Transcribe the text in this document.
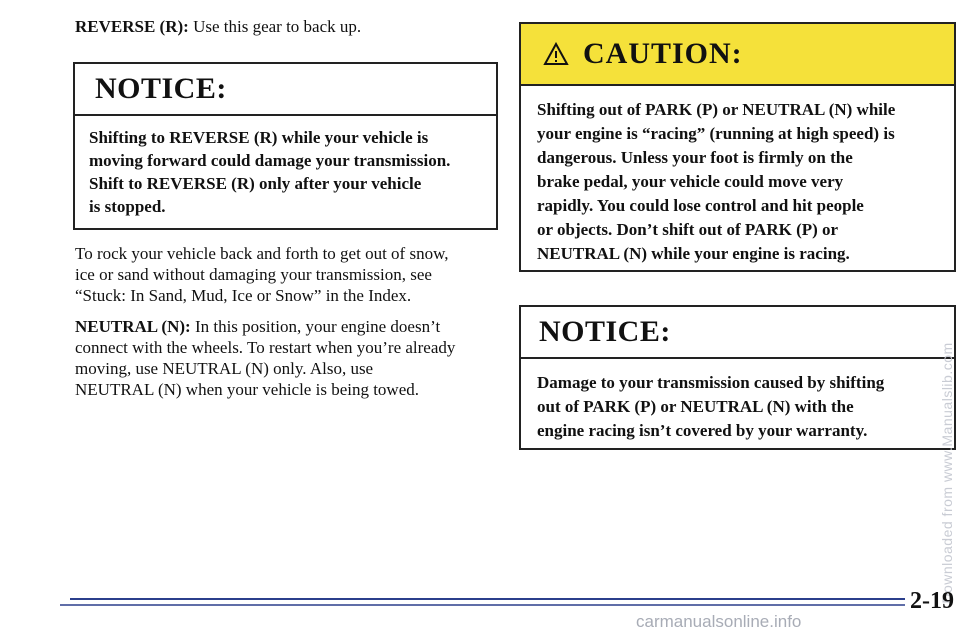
REVERSE (R): Use this gear to back up.
NOTICE:
Shifting to REVERSE (R) while your vehicle is
moving forward could damage your transmission.
Shift to REVERSE (R) only after your vehicle
is stopped.
To rock your vehicle back and forth to get out of snow,
ice or sand without damaging your transmission, see
“Stuck: In Sand, Mud, Ice or Snow” in the Index.
NEUTRAL (N): In this position, your engine doesn’t
connect with the wheels. To restart when you’re already
moving, use NEUTRAL (N) only. Also, use
NEUTRAL (N) when your vehicle is being towed.
CAUTION:
Shifting out of PARK (P) or NEUTRAL (N) while
your engine is “racing” (running at high speed) is
dangerous. Unless your foot is firmly on the
brake pedal, your vehicle could move very
rapidly. You could lose control and hit people
or objects. Don’t shift out of PARK (P) or
NEUTRAL (N) while your engine is racing.
NOTICE:
Damage to your transmission caused by shifting
out of PARK (P) or NEUTRAL (N) with the
engine racing isn’t covered by your warranty.	Downloaded from www.Manualslib.com
2-19
carmanualsonline.info
